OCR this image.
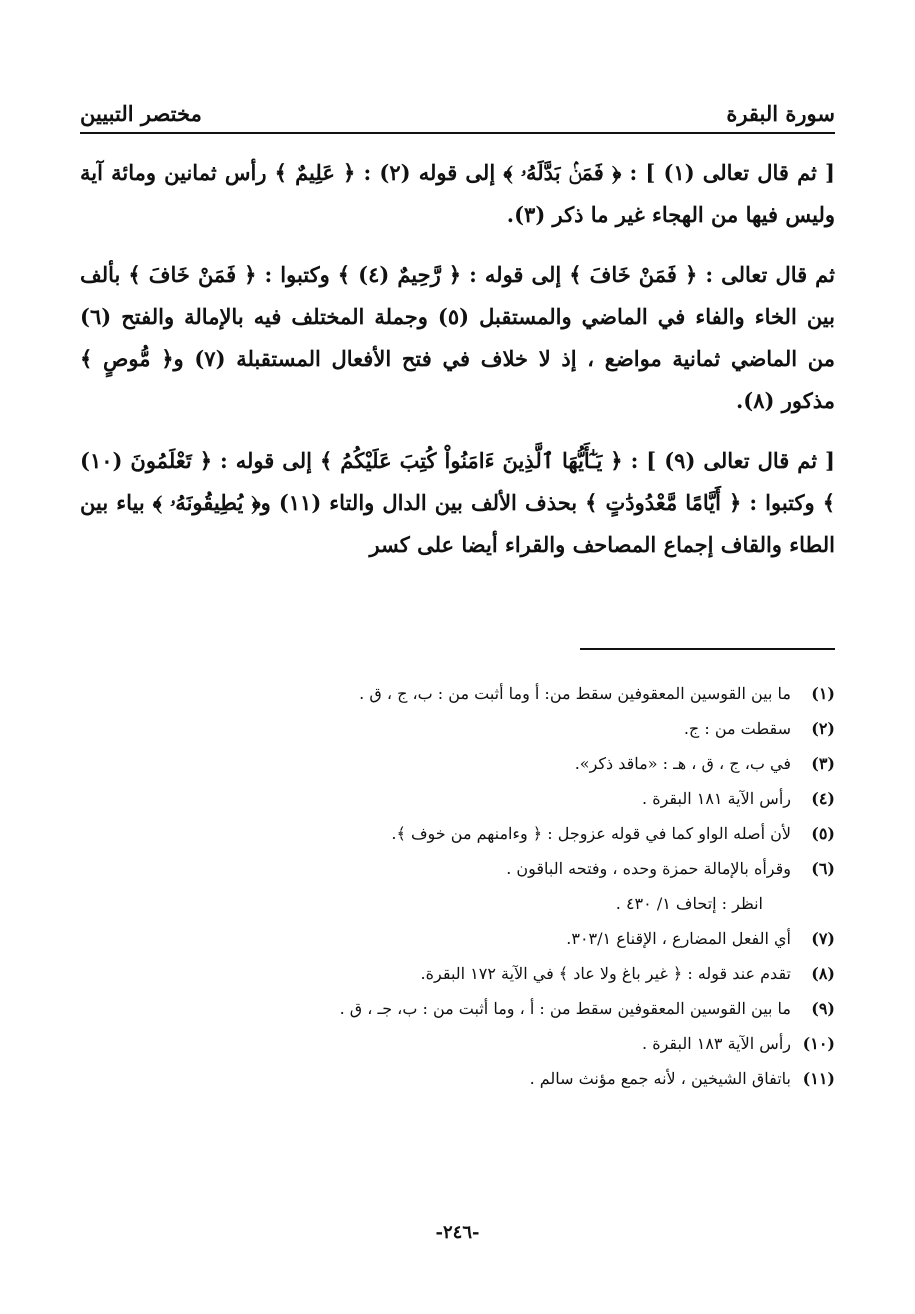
سورة البقرة
مختصر التبيين

[ ثم قال تعالى (١) ] : ﴿ فَمَنۢ بَدَّلَهُۥ ﴾ إلى قوله (٢) : ﴿ عَلِيمٌ ﴾ رأس ثمانين ومائة آية وليس فيها من الهجاء غير ما ذكر (٣).

ثم قال تعالى : ﴿ فَمَنْ خَافَ ﴾ إلى قوله : ﴿ رَّحِيمٌ (٤) ﴾ وكتبوا : ﴿ فَمَنْ خَافَ ﴾ بألف بين الخاء والفاء في الماضي والمستقبل (٥) وجملة المختلف فيه بالإمالة والفتح (٦) من الماضي ثمانية مواضع ، إذ لا خلاف في فتح الأفعال المستقبلة (٧) و﴿ مُّوصٍ ﴾ مذكور (٨).

[ ثم قال تعالى (٩) ] : ﴿ يَـٰٓأَيُّهَا ٱلَّذِينَ ءَامَنُواْ كُتِبَ عَلَيْكُمُ ﴾ إلى قوله : ﴿ تَعْلَمُونَ (١٠) ﴾ وكتبوا : ﴿ أَيَّامًا مَّعْدُودَٰتٍ ﴾ بحذف الألف بين الدال والتاء (١١) و﴿ يُطِيقُونَهُۥ ﴾ بياء بين الطاء والقاف إجماع المصاحف والقراء أيضا على كسر

(١)
ما بين القوسين المعقوفين سقط من: أ وما أثبت من : ب، ج ، ق .
(٢)
سقطت من : ج.
(٣)
في ب، ج ، ق ، هـ : «ماقد ذكر».
(٤)
رأس الآية ١٨١ البقرة .
(٥)
لأن أصله الواو كما في قوله عزوجل : ﴿ وءامنهم من خوف ﴾.
(٦)
وقرأه بالإمالة حمزة وحده ، وفتحه الباقون .
انظر : إتحاف ١/ ٤٣٠ .
(٧)
أي الفعل المضارع ، الإقناع ٣٠٣/١.
(٨)
تقدم عند قوله : ﴿ غير باغ ولا عاد ﴾ في الآية ١٧٢ البقرة.
(٩)
ما بين القوسين المعقوفين سقط من : أ ، وما أثبت من : ب، جـ ، ق .
(١٠)
رأس الآية ١٨٣ البقرة .
(١١)
باتفاق الشيخين ، لأنه جمع مؤنث سالم .
-٢٤٦-
